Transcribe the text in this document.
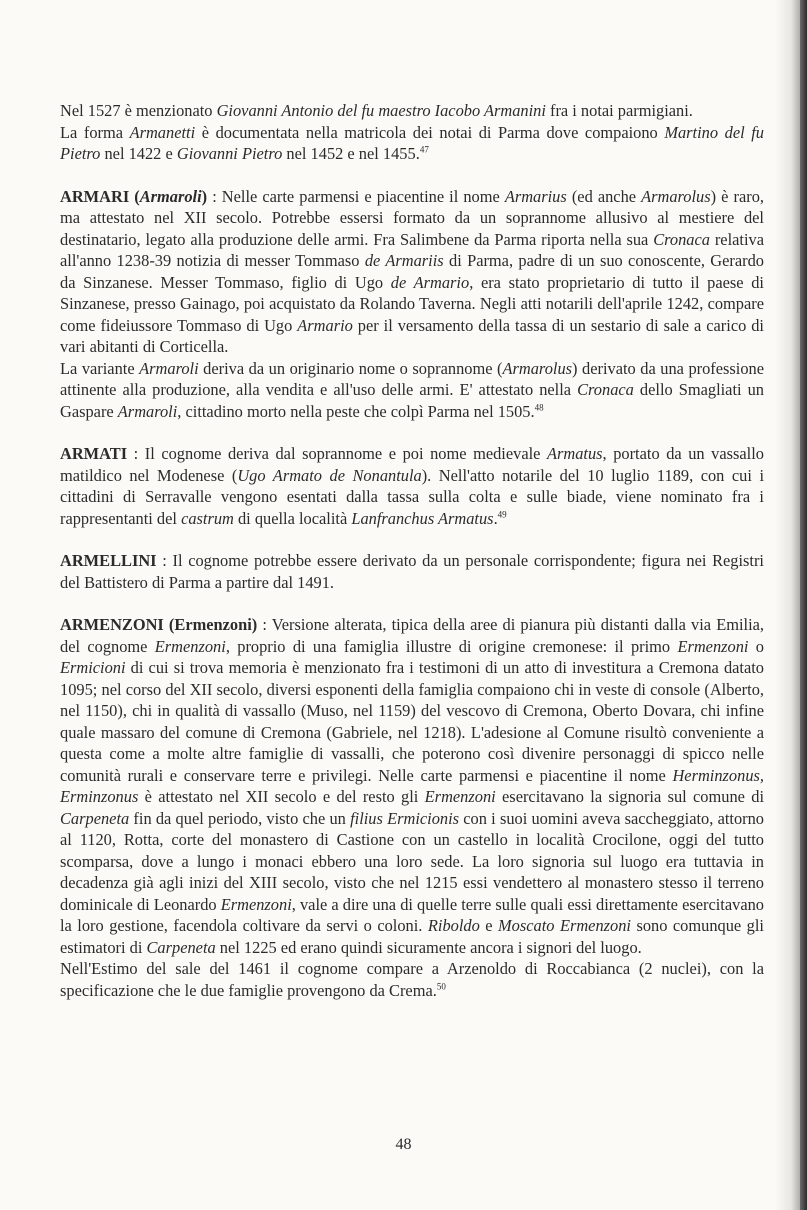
Nel 1527 è menzionato Giovanni Antonio del fu maestro Iacobo Armanini fra i notai parmigiani.

La forma Armanetti è documentata nella matricola dei notai di Parma dove compaiono Martino del fu Pietro nel 1422 e Giovanni Pietro nel 1452 e nel 1455.47

ARMARI (Armaroli) : Nelle carte parmensi e piacentine il nome Armarius (ed anche Armarolus) è raro, ma attestato nel XII secolo. Potrebbe essersi formato da un soprannome allusivo al mestiere del destinatario, legato alla produzione delle armi. Fra Salimbene da Parma riporta nella sua Cronaca relativa all'anno 1238-39 notizia di messer Tommaso de Armariis di Parma, padre di un suo conoscente, Gerardo da Sinzanese. Messer Tommaso, figlio di Ugo de Armario, era stato proprietario di tutto il paese di Sinzanese, presso Gainago, poi acquistato da Rolando Taverna. Negli atti notarili dell'aprile 1242, compare come fideiussore Tommaso di Ugo Armario per il versamento della tassa di un sestario di sale a carico di vari abitanti di Corticella.

La variante Armaroli deriva da un originario nome o soprannome (Armarolus) derivato da una professione attinente alla produzione, alla vendita e all'uso delle armi. E' attestato nella Cronaca dello Smagliati un Gaspare Armaroli, cittadino morto nella peste che colpì Parma nel 1505.48

ARMATI : Il cognome deriva dal soprannome e poi nome medievale Armatus, portato da un vassallo matildico nel Modenese (Ugo Armato de Nonantula). Nell'atto notarile del 10 luglio 1189, con cui i cittadini di Serravalle vengono esentati dalla tassa sulla colta e sulle biade, viene nominato fra i rappresentanti del castrum di quella località Lanfranchus Armatus.$^{49}$

ARMELLINI : Il cognome potrebbe essere derivato da un personale corrispondente; figura nei Registri del Battistero di Parma a partire dal 1491.

ARMENZONI (Ermenzoni) : Versione alterata, tipica della aree di pianura più distanti dalla via Emilia, del cognome Ermenzoni, proprio di una famiglia illustre di origine cremonese: il primo Ermenzoni o Ermicioni di cui si trova memoria è menzionato fra i testimoni di un atto di investitura a Cremona datato 1095; nel corso del XII secolo, diversi esponenti della famiglia compaiono chi in veste di console (Alberto, nel 1150), chi in qualità di vassallo (Muso, nel 1159) del vescovo di Cremona, Oberto Dovara, chi infine quale massaro del comune di Cremona (Gabriele, nel 1218). L'adesione al Comune risultò conveniente a questa come a molte altre famiglie di vassalli, che poterono così divenire personaggi di spicco nelle comunità rurali e conservare terre e privilegi. Nelle carte parmensi e piacentine il nome Herminzonus, Erminzonus è attestato nel XII secolo e del resto gli Ermenzoni esercitavano la signoria sul comune di Carpeneta fin da quel periodo, visto che un filius Ermicionis con i suoi uomini aveva saccheggiato, attorno al 1120, Rotta, corte del monastero di Castione con un castello in località Crocilone, oggi del tutto scomparsa, dove a lungo i monaci ebbero una loro sede. La loro signoria sul luogo era tuttavia in decadenza già agli inizi del XIII secolo, visto che nel 1215 essi vendettero al monastero stesso il terreno dominicale di Leonardo Ermenzoni, vale a dire una di quelle terre sulle quali essi direttamente esercitavano la loro gestione, facendola coltivare da servi o coloni. Riboldo e Moscato Ermenzoni sono comunque gli estimatori di Carpeneta nel 1225 ed erano quindi sicuramente ancora i signori del luogo.

Nell'Estimo del sale del 1461 il cognome compare a Arzenoldo di Roccabianca (2 nuclei), con la specificazione che le due famiglie provengono da Crema.$^{50}$

48
